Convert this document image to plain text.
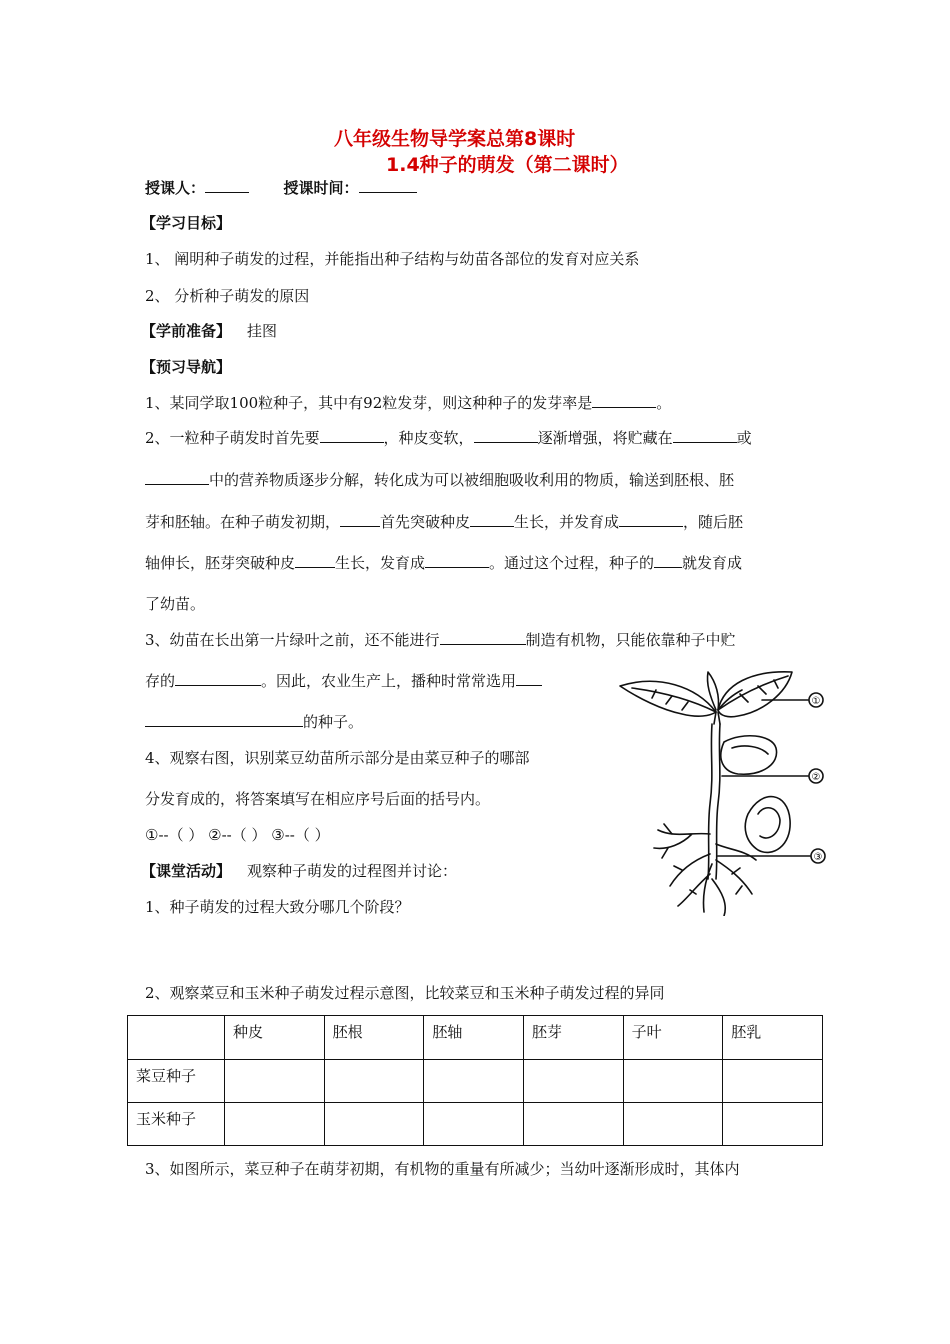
八年级生物导学案总第8课时
1.4种子的萌发（第二课时）
授课人：	授课时间：
【学习目标】
1、 阐明种子萌发的过程，并能指出种子结构与幼苗各部位的发育对应关系
2、 分析种子萌发的原因
【学前准备】 挂图
【预习导航】
1、某同学取100粒种子，其中有92粒发芽，则这种种子的发芽率是	。
2、一粒种子萌发时首先要	，种皮变软，	逐渐增强，将贮藏在	或
中的营养物质逐步分解，转化成为可以被细胞吸收利用的物质，输送到胚根、胚
芽和胚轴。在种子萌发初期，	首先突破种皮	生长，并发育成	，随后胚
轴伸长，胚芽突破种皮	生长，发育成	。通过这个过程，种子的 就发育成
了幼苗。
3、幼苗在长出第一片绿叶之前，还不能进行	制造有机物，只能依靠种子中贮
存的	。因此，农业生产上，播种时常常选用
的种子。
4、观察右图，识别菜豆幼苗所示部分是由菜豆种子的哪部
分发育成的，将答案填写在相应序号后面的括号内。
①--（ ） ②--（ ） ③--（ ）
【课堂活动】 观察种子萌发的过程图并讨论：
1、种子萌发的过程大致分哪几个阶段？
2、观察菜豆和玉米种子萌发过程示意图，比较菜豆和玉米种子萌发过程的异同
	种皮	胚根	胚轴	胚芽	子叶	胚乳
菜豆种子						
玉米种子						
3、如图所示，菜豆种子在萌芽初期，有机物的重量有所减少；当幼叶逐渐形成时，其体内
①
②
③
